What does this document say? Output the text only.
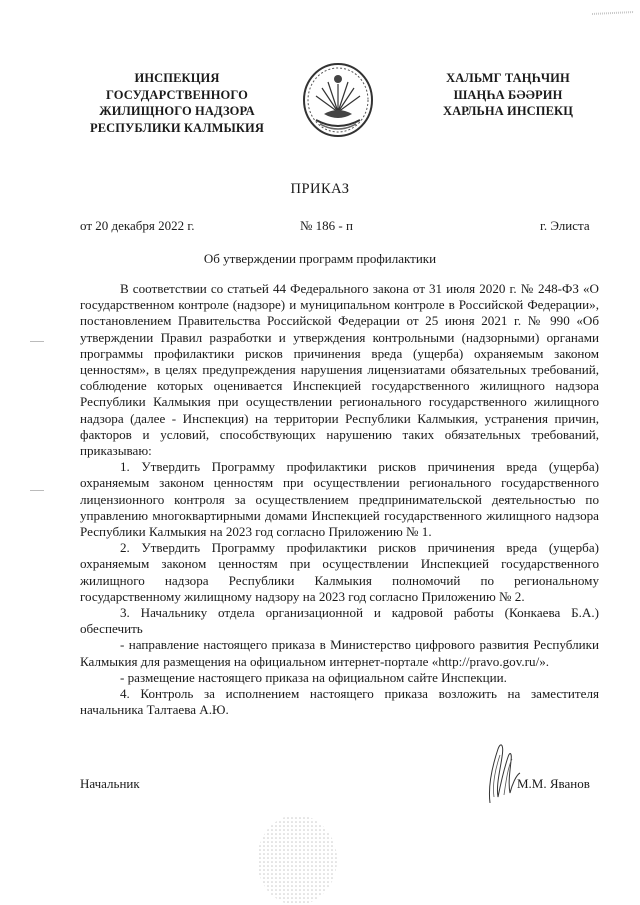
ИНСПЕКЦИЯ
ГОСУДАРСТВЕННОГО
ЖИЛИЩНОГО НАДЗОРА
РЕСПУБЛИКИ КАЛМЫКИЯ
ХАЛЬМГ ТАҢҺЧИН
ШАҢҺА БӘӘРИН
ХАРЛЬНА ИНСПЕКЦ
ПРИКАЗ
от 20 декабря 2022 г.	№ 186 - п	г. Элиста
Об утверждении программ профилактики

В соответствии со статьей 44 Федерального закона от 31 июля 2020 г. № 248-ФЗ «О государственном контроле (надзоре) и муниципальном контроле в Российской Федерации», постановлением Правительства Российской Федерации от 25 июня 2021 г. № 990 «Об утверждении Правил разработки и утверждения контрольными (надзорными) органами программы профилактики рисков причинения вреда (ущерба) охраняемым законом ценностям», в целях предупреждения нарушения лицензиатами обязательных требований, соблюдение которых оценивается Инспекцией государственного жилищного надзора Республики Калмыкия при осуществлении регионального государственного жилищного надзора (далее - Инспекция) на территории Республики Калмыкия, устранения причин, факторов и условий, способствующих нарушению таких обязательных требований, приказываю:

1. Утвердить Программу профилактики рисков причинения вреда (ущерба) охраняемым законом ценностям при осуществлении регионального государственного лицензионного контроля за осуществлением предпринимательской деятельностью по управлению многоквартирными домами Инспекцией государственного жилищного надзора Республики Калмыкия на 2023 год согласно Приложению № 1.

2. Утвердить Программу профилактики рисков причинения вреда (ущерба) охраняемым законом ценностям при осуществлении Инспекцией государственного жилищного надзора Республики Калмыкия полномочий по региональному государственному жилищному надзору на 2023 год согласно Приложению № 2.

3. Начальнику отдела организационной и кадровой работы (Конкаева Б.А.) обеспечить

- направление настоящего приказа в Министерство цифрового развития Республики Калмыкия для размещения на официальном интернет-портале «http://pravo.gov.ru/».

- размещение настоящего приказа на официальном сайте Инспекции.

4. Контроль за исполнением настоящего приказа возложить на заместителя начальника Талтаева А.Ю.

Начальник	М.М. Яванов
